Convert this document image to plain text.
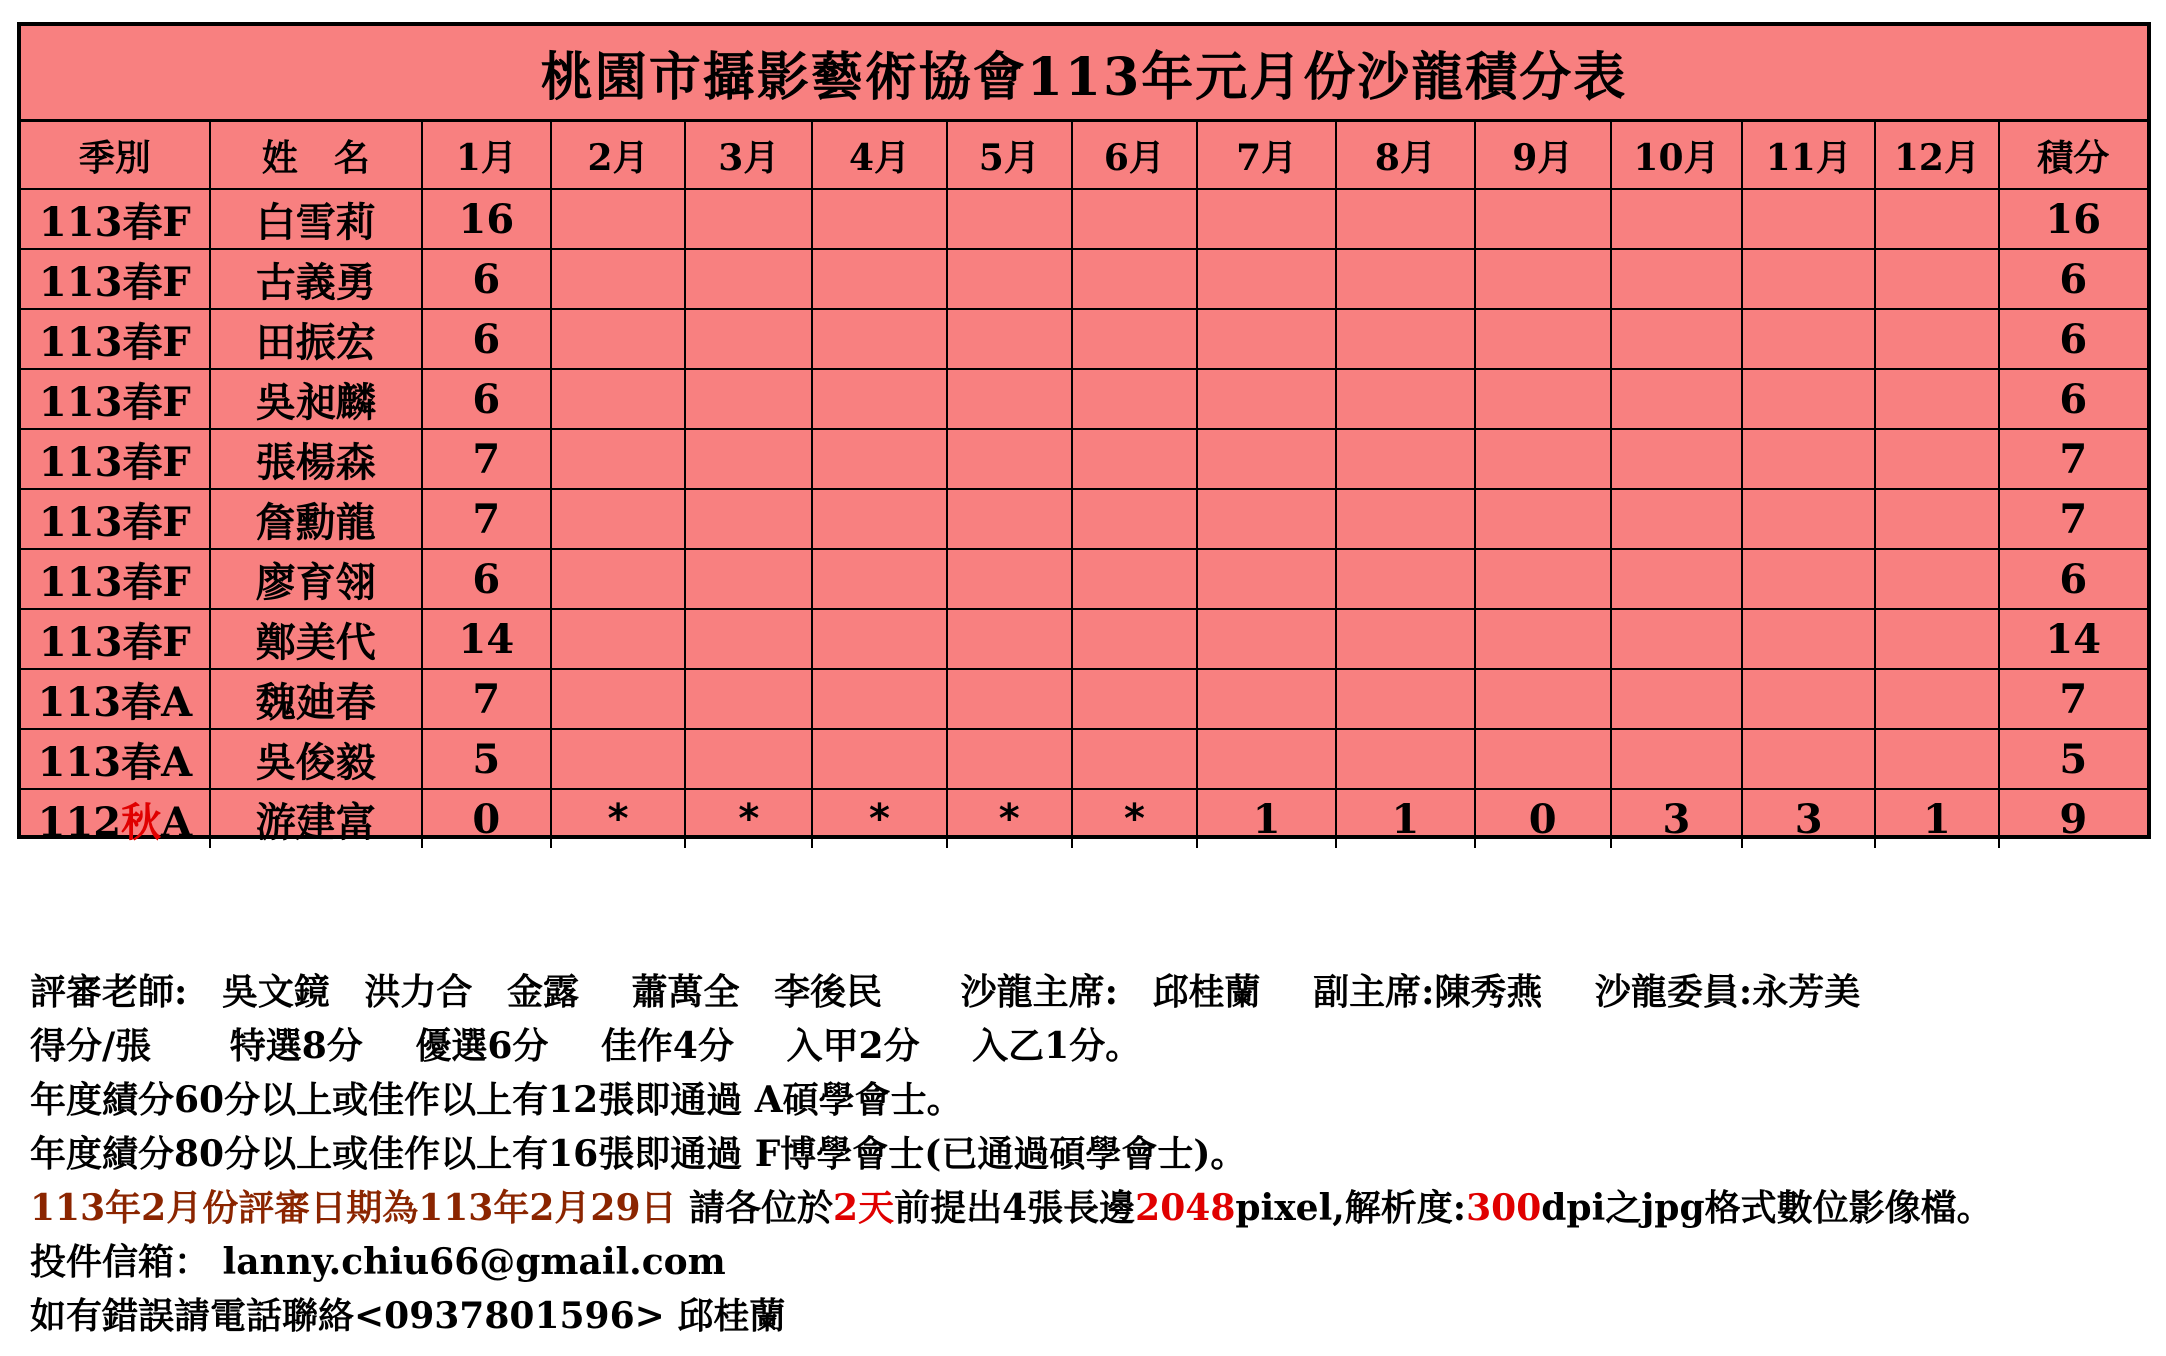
桃園市攝影藝術協會113年元月份沙龍積分表
季別	姓　名	1月	2月	3月	4月	5月	6月	7月	8月	9月	10月	11月	12月	積分
113春F	白雪莉	16												16
113春F	古義勇	6												6
113春F	田振宏	6												6
113春F	吳昶麟	6												6
113春F	張楊森	7												7
113春F	詹勳龍	7												7
113春F	廖育翎	6												6
113春F	鄭美代	14												14
113春A	魏廸春	7												7
113春A	吳俊毅	5												5
112秋A	游建富	0	*	*	*	*	*	1	1	0	3	3	1	9
評審老師: 吳文鏡 洪力合 金露 蕭萬全 李後民 沙龍主席: 邱桂蘭 副主席:陳秀燕 沙龍委員:永芳美
得分/張 特選8分 優選6分 佳作4分 入甲2分 入乙1分。
年度績分60分以上或佳作以上有12張即通過 A碩學會士。
年度績分80分以上或佳作以上有16張即通過 F博學會士(已通過碩學會士)。
113年2月份評審日期為113年2月29日 請各位於2天前提出4張長邊2048pixel,解析度:300dpi之jpg格式數位影像檔。
投件信箱： lanny.chiu66@gmail.com
如有錯誤請電話聯絡<0937801596> 邱桂蘭
